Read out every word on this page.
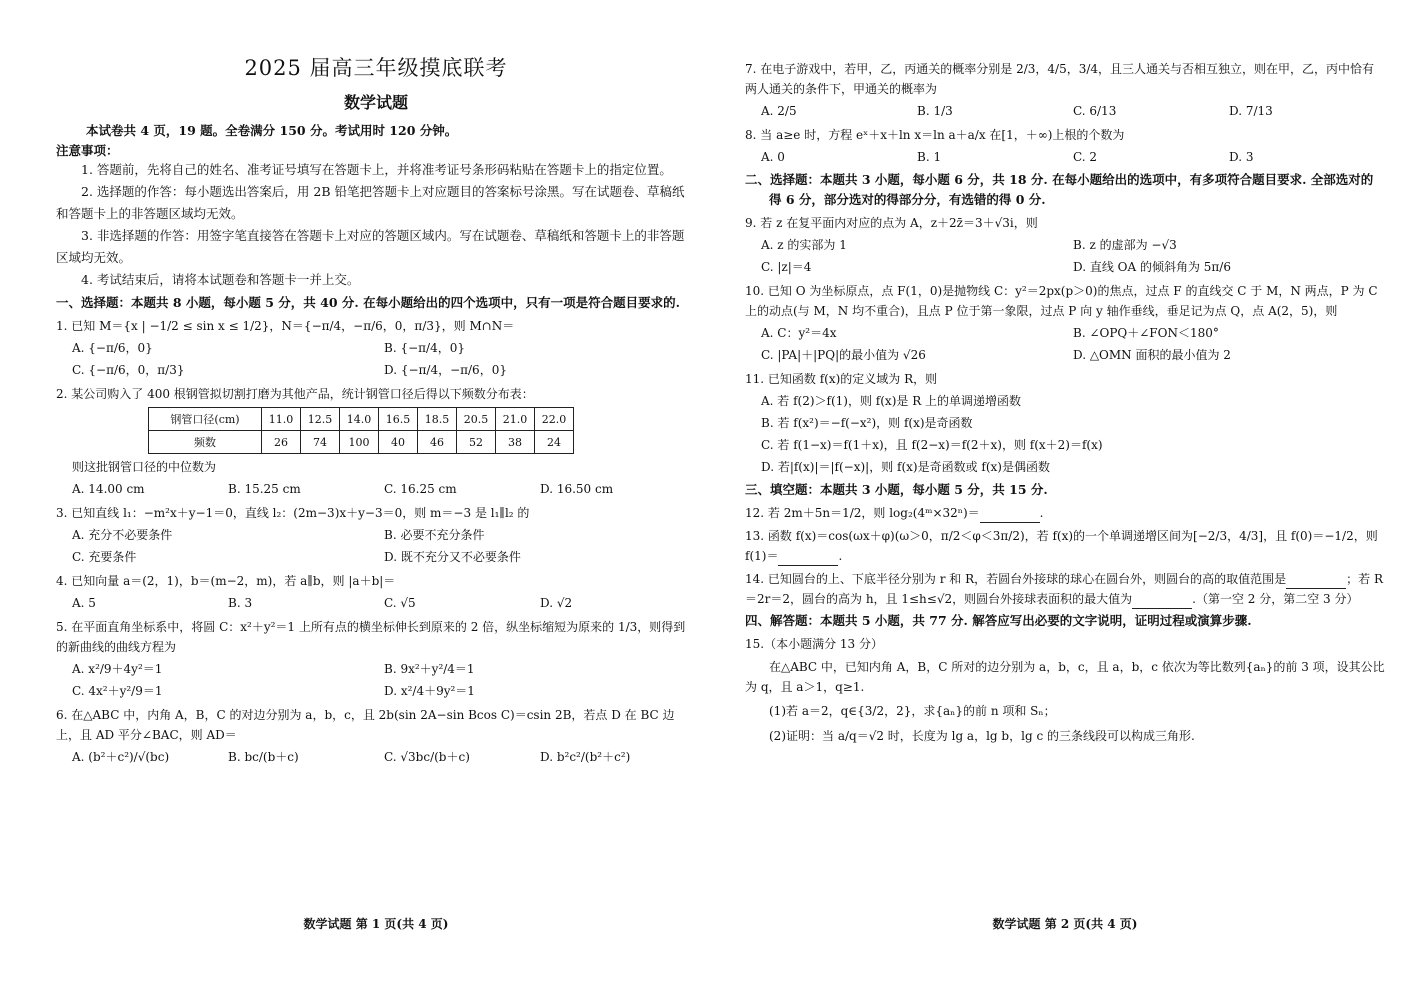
2025 届高三年级摸底联考
数学试题
本试卷共 4 页，19 题。全卷满分 150 分。考试用时 120 分钟。
注意事项：

1. 答题前，先将自己的姓名、准考证号填写在答题卡上，并将准考证号条形码粘贴在答题卡上的指定位置。

2. 选择题的作答：每小题选出答案后，用 2B 铅笔把答题卡上对应题目的答案标号涂黑。写在试题卷、草稿纸和答题卡上的非答题区域均无效。

3. 非选择题的作答：用签字笔直接答在答题卡上对应的答题区域内。写在试题卷、草稿纸和答题卡上的非答题区域均无效。

4. 考试结束后，请将本试题卷和答题卡一并上交。

一、选择题：本题共 8 小题，每小题 5 分，共 40 分. 在每小题给出的四个选项中，只有一项是符合题目要求的.
1. 已知 M＝{x | −1/2 ≤ sin x ≤ 1/2}，N＝{−π/4，−π/6，0，π/3}，则 M∩N＝
A. {−π/6，0}	B. {−π/4，0}
C. {−π/6，0，π/3}	D. {−π/4，−π/6，0}
2. 某公司购入了 400 根钢管拟切割打磨为其他产品，统计钢管口径后得以下频数分布表：
钢管口径(cm)	11.0	12.5	14.0	16.5	18.5	20.5	21.0	22.0
频数	26	74	100	40	46	52	38	24
则这批钢管口径的中位数为
A. 14.00 cm	B. 15.25 cm	C. 16.25 cm	D. 16.50 cm
3. 已知直线 l₁：−m²x＋y−1＝0，直线 l₂：(2m−3)x＋y−3＝0，则 m＝−3 是 l₁∥l₂ 的
A. 充分不必要条件	B. 必要不充分条件
C. 充要条件	D. 既不充分又不必要条件
4. 已知向量 a＝(2，1)，b＝(m−2，m)，若 a∥b，则 |a＋b|＝
A. 5	B. 3	C. √5	D. √2
5. 在平面直角坐标系中，将圆 C：x²＋y²＝1 上所有点的横坐标伸长到原来的 2 倍，纵坐标缩短为原来的 1/3，则得到的新曲线的曲线方程为
A. x²/9＋4y²＝1	B. 9x²＋y²/4＝1
C. 4x²＋y²/9＝1	D. x²/4＋9y²＝1
6. 在△ABC 中，内角 A，B，C 的对边分别为 a，b，c，且 2b(sin 2A−sin Bcos C)＝csin 2B，若点 D 在 BC 边上，且 AD 平分∠BAC，则 AD＝
A. (b²＋c²)/√(bc)	B. bc/(b＋c)	C. √3bc/(b＋c)	D. b²c²/(b²＋c²)
数学试题 第 1 页(共 4 页)
7. 在电子游戏中，若甲，乙，丙通关的概率分别是 2/3，4/5，3/4，且三人通关与否相互独立，则在甲，乙，丙中恰有两人通关的条件下，甲通关的概率为
A. 2/5	B. 1/3	C. 6/13	D. 7/13
8. 当 a≥e 时，方程 eˣ＋x＋ln x＝ln a＋a/x 在[1，＋∞)上根的个数为
A. 0	B. 1	C. 2	D. 3
二、选择题：本题共 3 小题，每小题 6 分，共 18 分. 在每小题给出的选项中，有多项符合题目要求. 全部选对的得 6 分，部分选对的得部分分，有选错的得 0 分.
9. 若 z 在复平面内对应的点为 A，z＋2z̄＝3＋√3i，则
A. z 的实部为 1	B. z 的虚部为 −√3
C. |z|＝4	D. 直线 OA 的倾斜角为 5π/6
10. 已知 O 为坐标原点，点 F(1，0)是抛物线 C：y²＝2px(p＞0)的焦点，过点 F 的直线交 C 于 M，N 两点，P 为 C 上的动点(与 M，N 均不重合)，且点 P 位于第一象限，过点 P 向 y 轴作垂线，垂足记为点 Q，点 A(2，5)，则
A. C：y²＝4x	B. ∠OPQ＋∠FON＜180°
C. |PA|＋|PQ|的最小值为 √26	D. △OMN 面积的最小值为 2
11. 已知函数 f(x)的定义域为 R，则
A. 若 f(2)＞f(1)，则 f(x)是 R 上的单调递增函数
B. 若 f(x²)＝−f(−x²)，则 f(x)是奇函数
C. 若 f(1−x)＝f(1＋x)，且 f(2−x)＝f(2＋x)，则 f(x＋2)＝f(x)
D. 若|f(x)|＝|f(−x)|，则 f(x)是奇函数或 f(x)是偶函数
三、填空题：本题共 3 小题，每小题 5 分，共 15 分.
12. 若 2m＋5n＝1/2，则 log₂(4ᵐ×32ⁿ)＝	.
13. 函数 f(x)＝cos(ωx＋φ)(ω＞0，π/2＜φ＜3π/2)，若 f(x)的一个单调递增区间为[−2/3，4/3]，且 f(0)＝−1/2，则 f(1)＝	.
14. 已知圆台的上、下底半径分别为 r 和 R，若圆台外接球的球心在圆台外，则圆台的高的取值范围是	；若 R＝2r＝2，圆台的高为 h，且 1≤h≤√2，则圆台外接球表面积的最大值为	.（第一空 2 分，第二空 3 分）
四、解答题：本题共 5 小题，共 77 分. 解答应写出必要的文字说明，证明过程或演算步骤.
15.（本小题满分 13 分）
在△ABC 中，已知内角 A，B，C 所对的边分别为 a，b，c，且 a，b，c 依次为等比数列{aₙ}的前 3 项，设其公比为 q，且 a＞1，q≥1.
(1)若 a＝2，q∈{3/2，2}，求{aₙ}的前 n 项和 Sₙ；
(2)证明：当 a/q＝√2 时，长度为 lg a，lg b，lg c 的三条线段可以构成三角形.
数学试题 第 2 页(共 4 页)
